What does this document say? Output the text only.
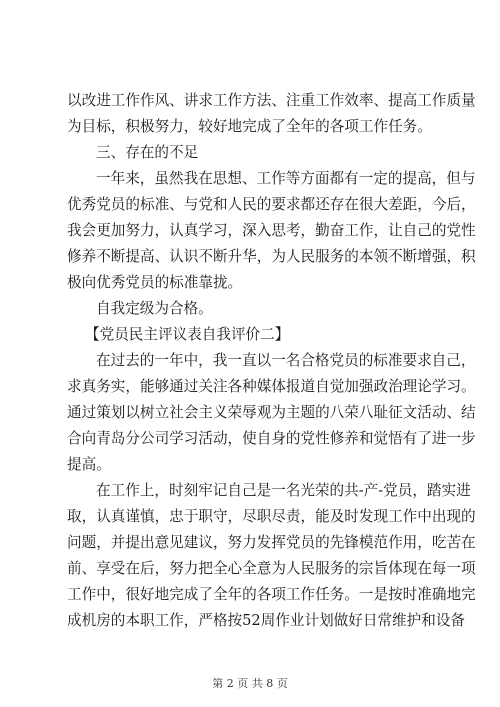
以改进工作作风、讲求工作方法、注重工作效率、提高工作质量

为目标，积极努力，较好地完成了全年的各项工作任务。

三、存在的不足

一年来，虽然我在思想、工作等方面都有一定的提高，但与

优秀党员的标准、与党和人民的要求都还存在很大差距，今后，

我会更加努力，认真学习，深入思考，勤奋工作，让自己的党性

修养不断提高、认识不断升华，为人民服务的本领不断增强，积

极向优秀党员的标准靠拢。

自我定级为合格。

【党员民主评议表自我评价二】

在过去的一年中，我一直以一名合格党员的标准要求自己，

求真务实，能够通过关注各种媒体报道自觉加强政治理论学习。

通过策划以树立社会主义荣辱观为主题的八荣八耻征文活动、结

合向青岛分公司学习活动，使自身的党性修养和觉悟有了进一步

提高。

在工作上，时刻牢记自己是一名光荣的共-产-党员，踏实进

取，认真谨慎，忠于职守，尽职尽责，能及时发现工作中出现的

问题，并提出意见建议，努力发挥党员的先锋模范作用，吃苦在

前、享受在后，努力把全心全意为人民服务的宗旨体现在每一项

工作中，很好地完成了全年的各项工作任务。一是按时准确地完

成机房的本职工作，严格按52周作业计划做好日常维护和设备

第 2 页 共 8 页
